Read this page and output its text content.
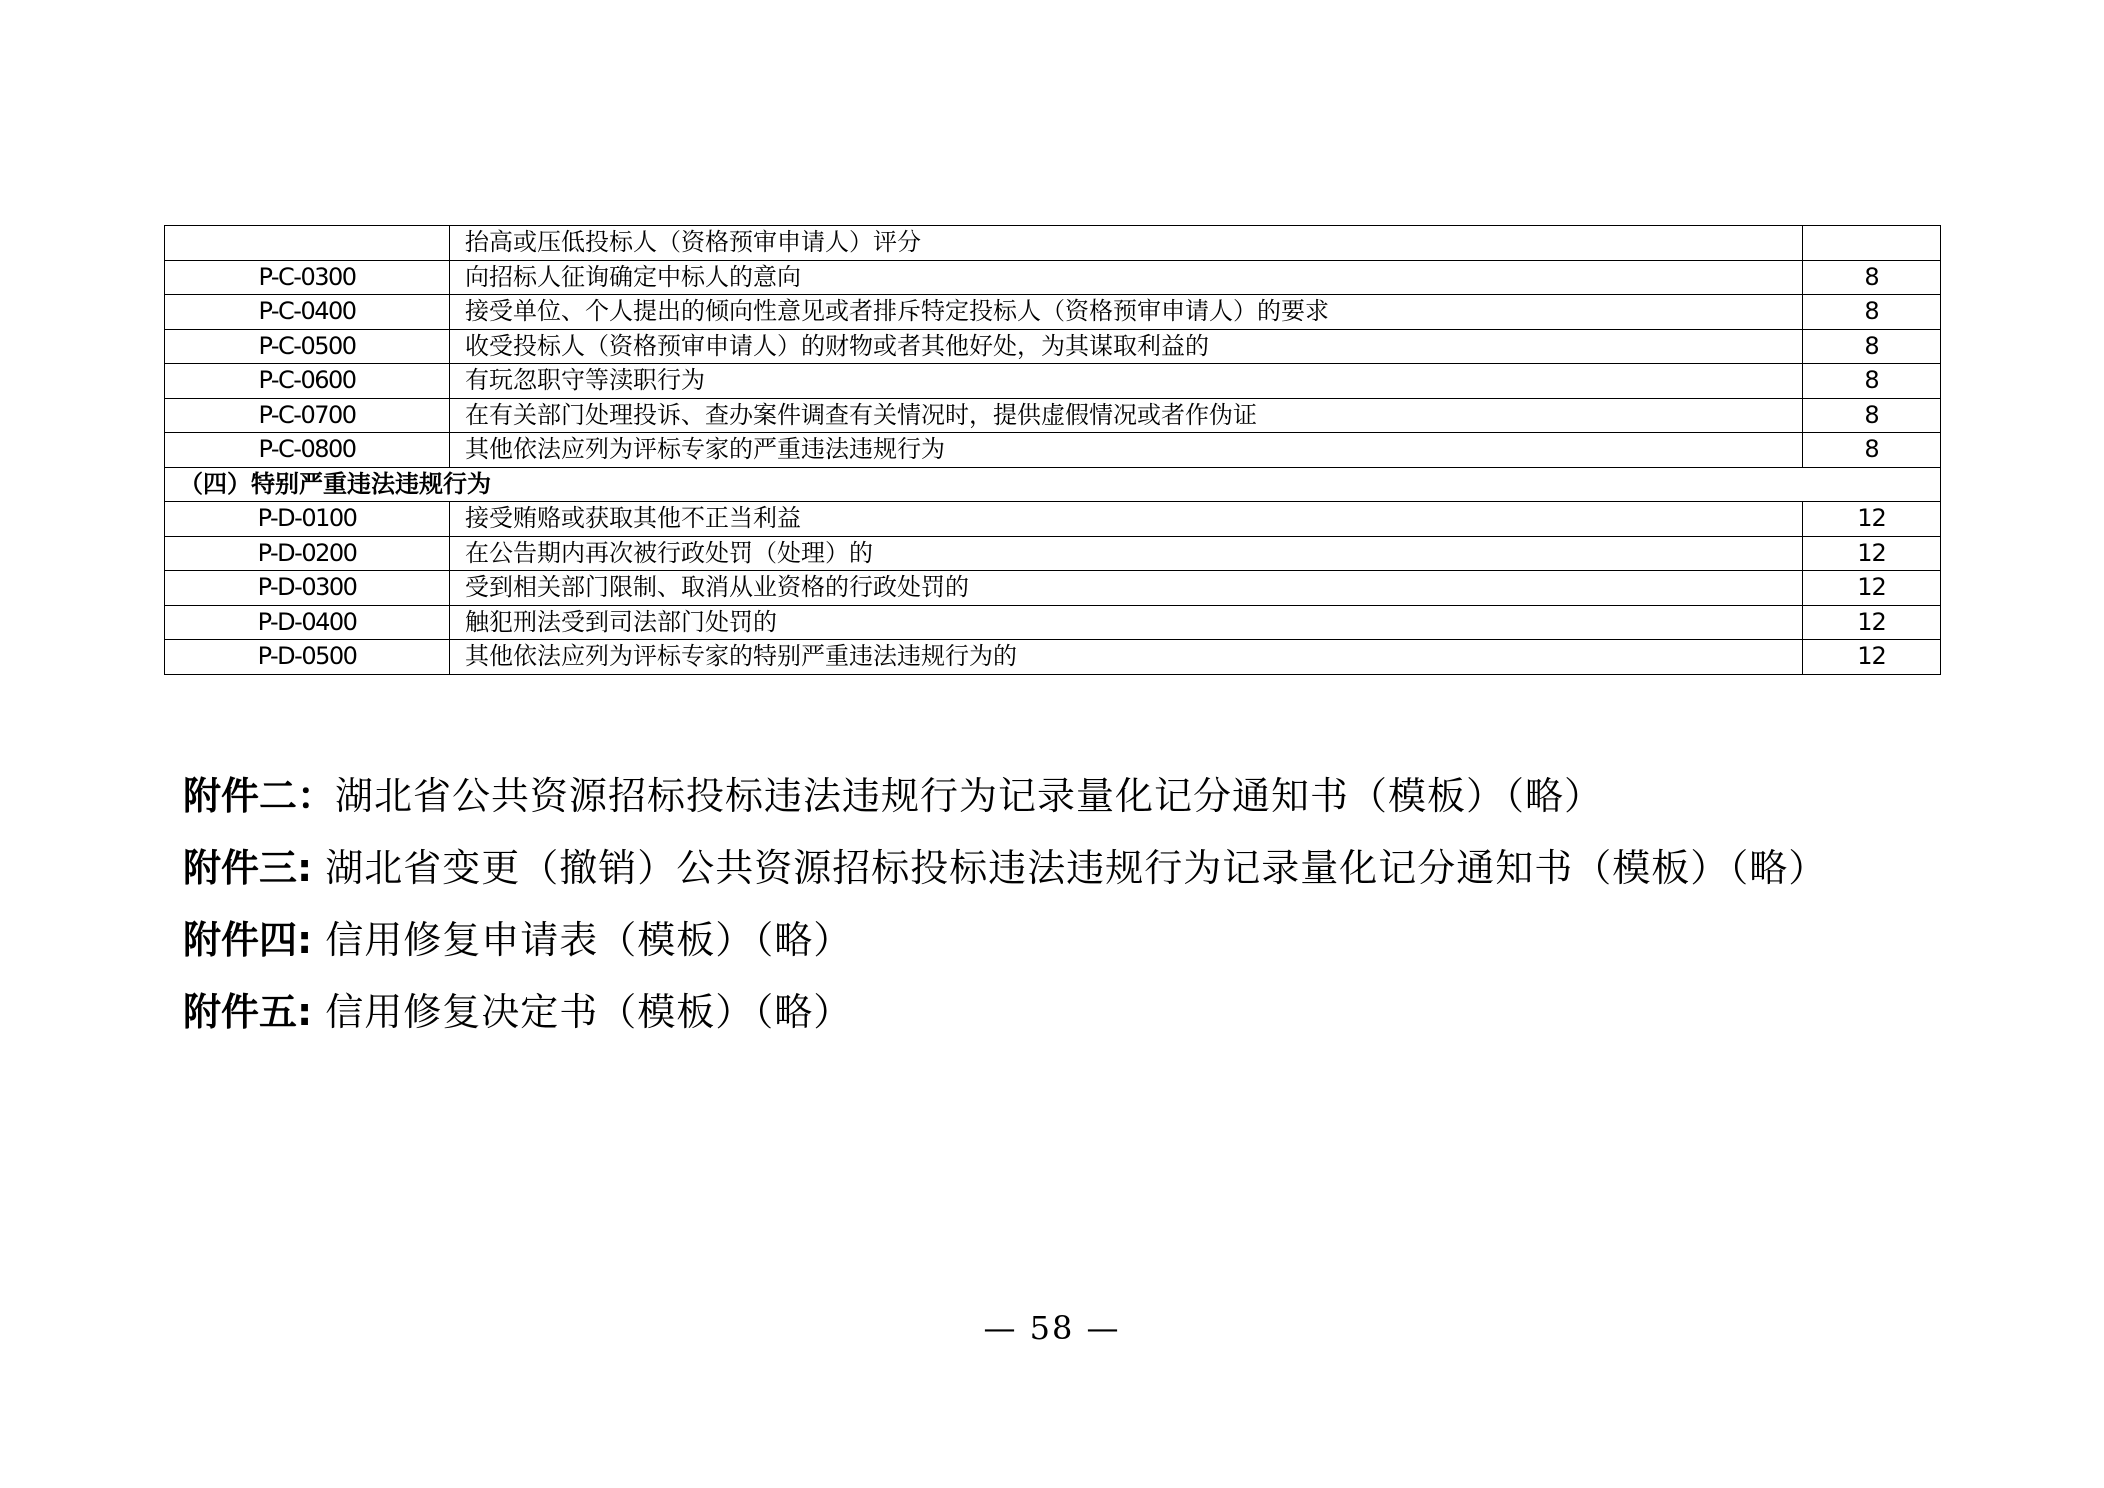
	抬高或压低投标人（资格预审申请人）评分	
P-C-0300	向招标人征询确定中标人的意向	8
P-C-0400	接受单位、个人提出的倾向性意见或者排斥特定投标人（资格预审申请人）的要求	8
P-C-0500	收受投标人（资格预审申请人）的财物或者其他好处，为其谋取利益的	8
P-C-0600	有玩忽职守等渎职行为	8
P-C-0700	在有关部门处理投诉、查办案件调查有关情况时，提供虚假情况或者作伪证	8
P-C-0800	其他依法应列为评标专家的严重违法违规行为	8
（四）特别严重违法违规行为		
P-D-0100	接受贿赂或获取其他不正当利益	12
P-D-0200	在公告期内再次被行政处罚（处理）的	12
P-D-0300	受到相关部门限制、取消从业资格的行政处罚的	12
P-D-0400	触犯刑法受到司法部门处罚的	12
P-D-0500	其他依法应列为评标专家的特别严重违法违规行为的	12
附件二：湖北省公共资源招标投标违法违规行为记录量化记分通知书（模板）（略）
附件三: 湖北省变更（撤销）公共资源招标投标违法违规行为记录量化记分通知书（模板）（略）
附件四: 信用修复申请表（模板）（略）
附件五: 信用修复决定书（模板）（略）
— 58 —
